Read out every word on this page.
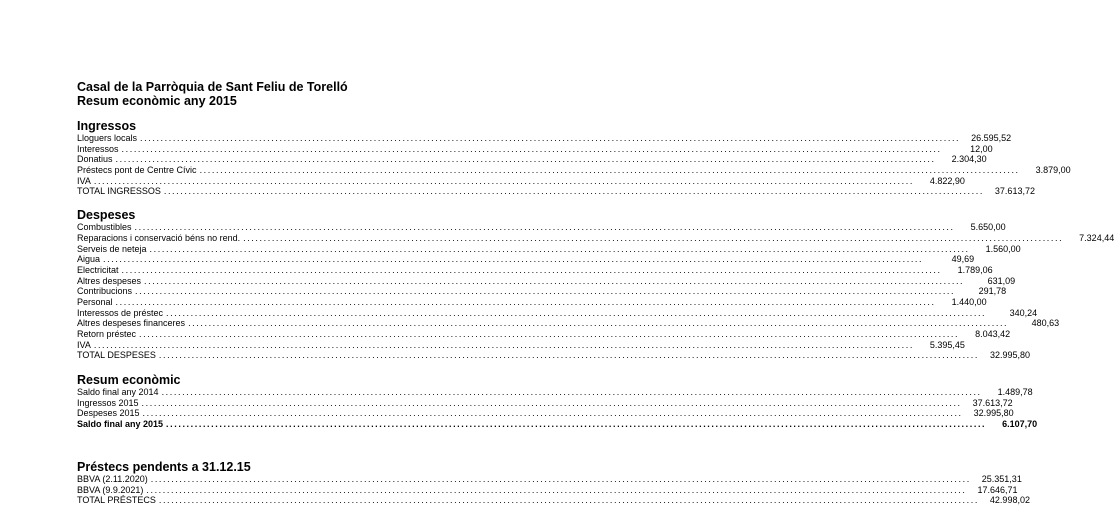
Casal de la Parròquia de Sant Feliu de Torelló

Resum econòmic any 2015

Ingressos

Lloguers locals ........................................................................................................................................................................................................	26.595,52
Interessos ........................................................................................................................................................................................................	12,00
Donatius ........................................................................................................................................................................................................	2.304,30
Préstecs pont de Centre Cívic ........................................................................................................................................................................................................	3.879,00
IVA ........................................................................................................................................................................................................	4.822,90
TOTAL INGRESSOS ........................................................................................................................................................................................................	37.613,72

Despeses

Combustibles ........................................................................................................................................................................................................	5.650,00
Reparacions i conservació béns no rend. ........................................................................................................................................................................................................	7.324,44
Serveis de neteja ........................................................................................................................................................................................................	1.560,00
Aigua ........................................................................................................................................................................................................	49,69
Electricitat ........................................................................................................................................................................................................	1.789,06
Altres despeses ........................................................................................................................................................................................................	631,09
Contribucions ........................................................................................................................................................................................................	291,78
Personal ........................................................................................................................................................................................................	1.440,00
Interessos de préstec ........................................................................................................................................................................................................	340,24
Altres despeses financeres ........................................................................................................................................................................................................	480,63
Retorn préstec ........................................................................................................................................................................................................	8.043,42
IVA ........................................................................................................................................................................................................	5.395,45
TOTAL DESPESES ........................................................................................................................................................................................................	32.995,80

Resum econòmic

Saldo final any 2014 ........................................................................................................................................................................................................	1.489,78
Ingressos 2015 ........................................................................................................................................................................................................	37.613,72
Despeses 2015 ........................................................................................................................................................................................................	32.995,80
Saldo final any 2015 ........................................................................................................................................................................................................	6.107,70

Préstecs pendents a 31.12.15

BBVA (2.11.2020) ........................................................................................................................................................................................................	25.351,31
BBVA (9.9.2021) ........................................................................................................................................................................................................	17.646,71
TOTAL PRÉSTECS ........................................................................................................................................................................................................	42.998,02
